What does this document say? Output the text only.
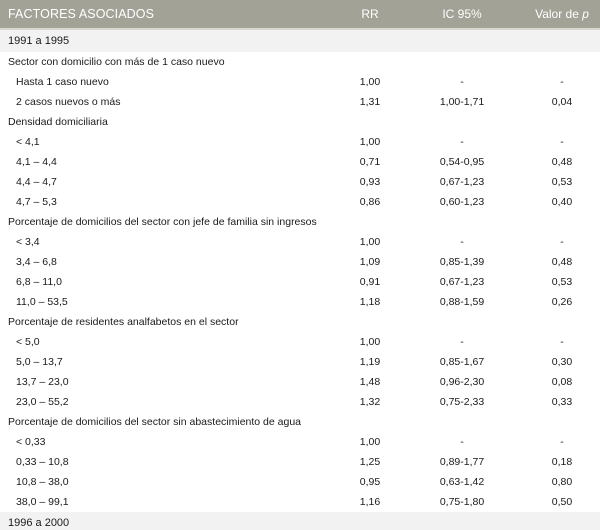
FACTORES ASOCIADOS	RR	IC 95%	Valor de p
1991 a 1995
Sector con domicilio con más de 1 caso nuevo
Hasta 1 caso nuevo	1,00	-	-
2 casos nuevos o más	1,31	1,00-1,71	0,04
Densidad domiciliaria
< 4,1	1,00	-	-
4,1 – 4,4	0,71	0,54-0,95	0,48
4,4 – 4,7	0,93	0,67-1,23	0,53
4,7 – 5,3	0,86	0,60-1,23	0,40
Porcentaje de domicilios del sector con jefe de familia sin ingresos
< 3,4	1,00	-	-
3,4 – 6,8	1,09	0,85-1,39	0,48
6,8 – 11,0	0,91	0,67-1,23	0,53
11,0 – 53,5	1,18	0,88-1,59	0,26
Porcentaje de residentes analfabetos en el sector
< 5,0	1,00	-	-
5,0 – 13,7	1,19	0,85-1,67	0,30
13,7 – 23,0	1,48	0,96-2,30	0,08
23,0 – 55,2	1,32	0,75-2,33	0,33
Porcentaje de domicilios del sector sin abastecimiento de agua
< 0,33	1,00	-	-
0,33 – 10,8	1,25	0,89-1,77	0,18
10,8 – 38,0	0,95	0,63-1,42	0,80
38,0 – 99,1	1,16	0,75-1,80	0,50
1996 a 2000
